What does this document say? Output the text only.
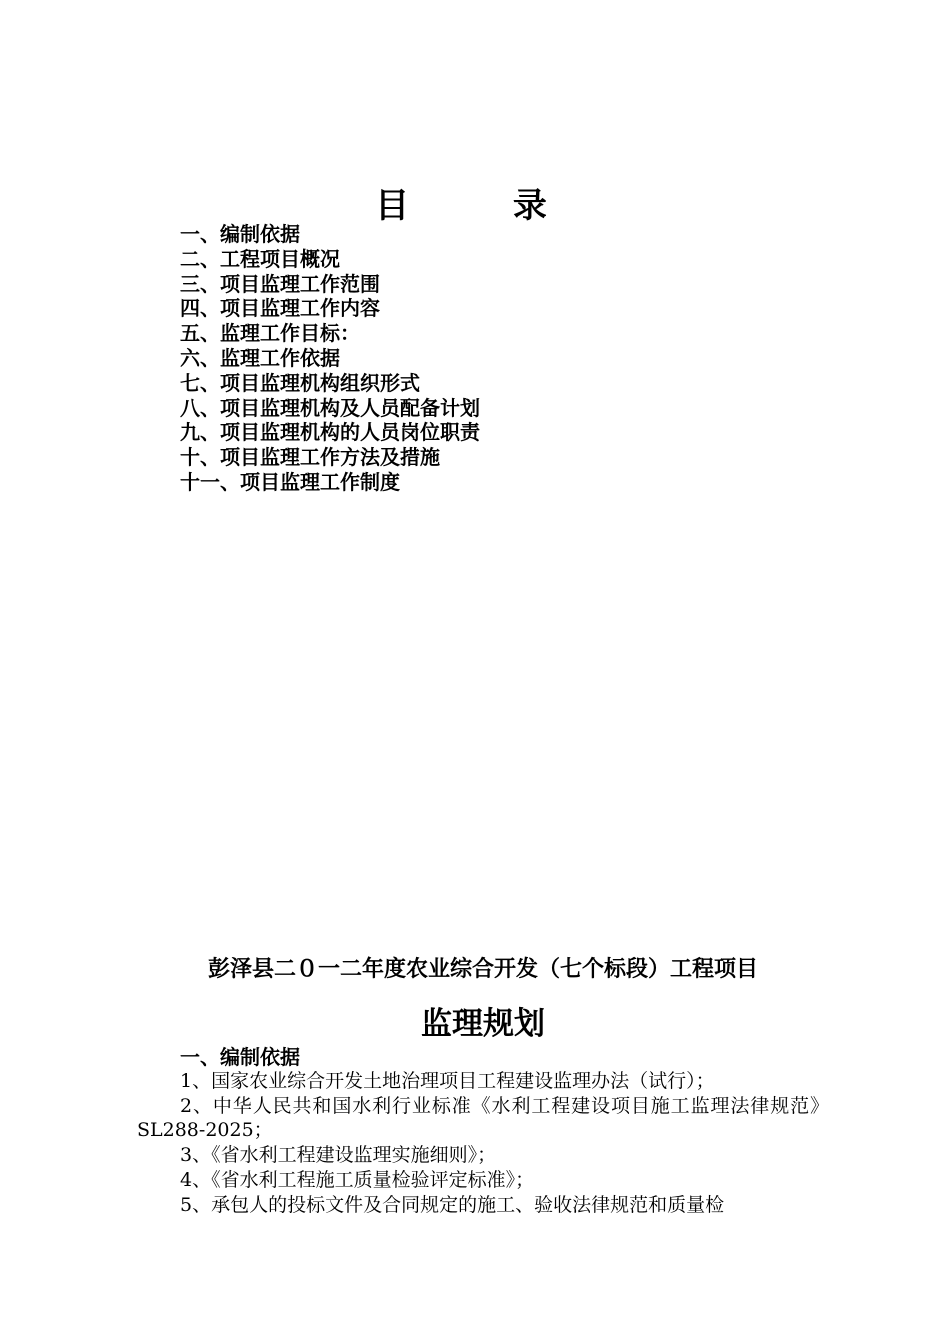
目 录
一、编制依据
二、工程项目概况
三、项目监理工作范围
四、项目监理工作内容
五、监理工作目标：
六、监理工作依据
七、项目监理机构组织形式
八、项目监理机构及人员配备计划
九、项目监理机构的人员岗位职责
十、项目监理工作方法及措施
十一、项目监理工作制度
彭泽县二０一二年度农业综合开发（七个标段）工程项目
监理规划
一、编制依据

1、国家农业综合开发土地治理项目工程建设监理办法（试行）；

2、中华人民共和国水利行业标准《水利工程建设项目施工监理法律规范》SL288-2025；

3、《省水利工程建设监理实施细则》；

4、《省水利工程施工质量检验评定标准》；

5、承包人的投标文件及合同规定的施工、验收法律规范和质量检
